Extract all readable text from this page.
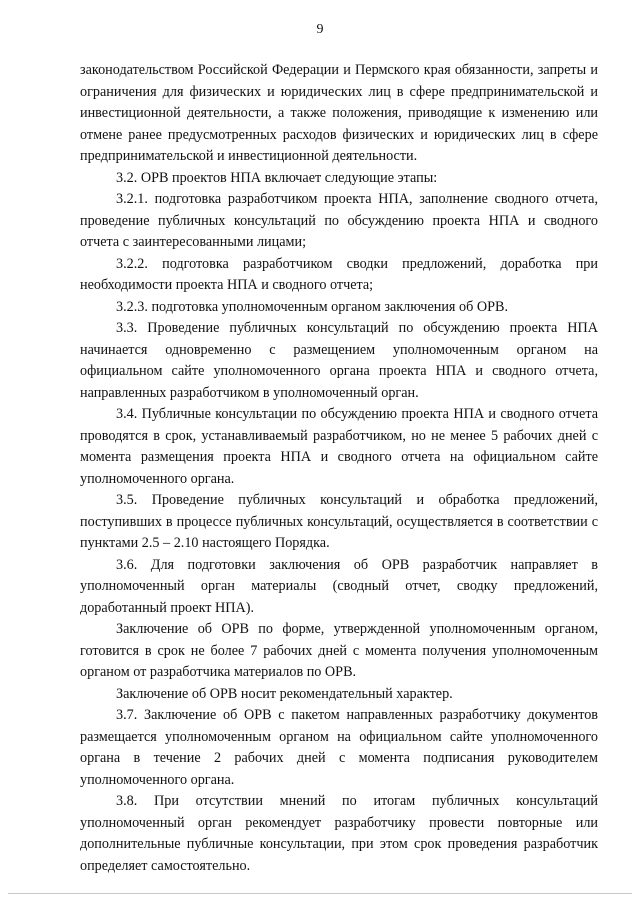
9

законодательством Российской Федерации и Пермского края обязанности, запреты и ограничения для физических и юридических лиц в сфере предпринимательской и инвестиционной деятельности, а также положения, приводящие к изменению или отмене ранее предусмотренных расходов физических и юридических лиц в сфере предпринимательской и инвестиционной деятельности.

3.2. ОРВ проектов НПА включает следующие этапы:

3.2.1. подготовка разработчиком проекта НПА, заполнение сводного отчета, проведение публичных консультаций по обсуждению проекта НПА и сводного отчета с заинтересованными лицами;

3.2.2. подготовка разработчиком сводки предложений, доработка при необходимости проекта НПА и сводного отчета;

3.2.3. подготовка уполномоченным органом заключения об ОРВ.

3.3. Проведение публичных консультаций по обсуждению проекта НПА начинается одновременно с размещением уполномоченным органом на официальном сайте уполномоченного органа проекта НПА и сводного отчета, направленных разработчиком в уполномоченный орган.

3.4. Публичные консультации по обсуждению проекта НПА и сводного отчета проводятся в срок, устанавливаемый разработчиком, но не менее 5 рабочих дней с момента размещения проекта НПА и сводного отчета на официальном сайте уполномоченного органа.

3.5. Проведение публичных консультаций и обработка предложений, поступивших в процессе публичных консультаций, осуществляется в соответствии с пунктами 2.5 – 2.10 настоящего Порядка.

3.6. Для подготовки заключения об ОРВ разработчик направляет в уполномоченный орган материалы (сводный отчет, сводку предложений, доработанный проект НПА).

Заключение об ОРВ по форме, утвержденной уполномоченным органом, готовится в срок не более 7 рабочих дней с момента получения уполномоченным органом от разработчика материалов по ОРВ.

Заключение об ОРВ носит рекомендательный характер.

3.7. Заключение об ОРВ с пакетом направленных разработчику документов размещается уполномоченным органом на официальном сайте уполномоченного органа в течение 2 рабочих дней с момента подписания руководителем уполномоченного органа.

3.8. При отсутствии мнений по итогам публичных консультаций уполномоченный орган рекомендует разработчику провести повторные или дополнительные публичные консультации, при этом срок проведения разработчик определяет самостоятельно.
